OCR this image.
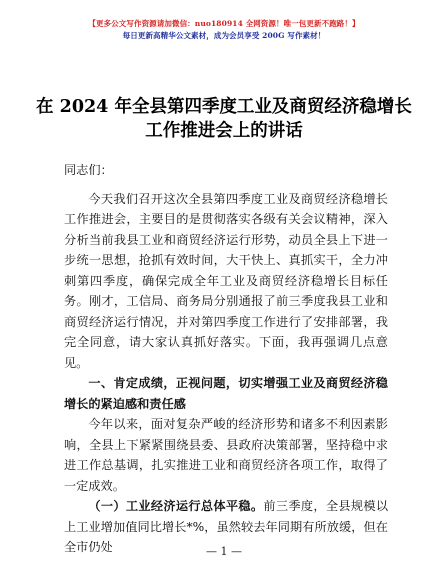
【更多公文写作资源请加微信：nuo180914 全网资源！唯一包更新不跑路！】
每日更新高精华公文素材，成为会员享受 200G 写作素材！
在 2024 年全县第四季度工业及商贸经济稳增长
工作推进会上的讲话

同志们：

今天我们召开这次全县第四季度工业及商贸经济稳增长工作推进会，主要目的是贯彻落实各级有关会议精神，深入分析当前我县工业和商贸经济运行形势，动员全县上下进一步统一思想，抢抓有效时间，大干快上、真抓实干，全力冲刺第四季度，确保完成全年工业及商贸经济稳增长目标任务。刚才，工信局、商务局分别通报了前三季度我县工业和商贸经济运行情况，并对第四季度工作进行了安排部署，我完全同意，请大家认真抓好落实。下面，我再强调几点意见。

一、肯定成绩，正视问题，切实增强工业及商贸经济稳增长的紧迫感和责任感

今年以来，面对复杂严峻的经济形势和诸多不利因素影响，全县上下紧紧围绕县委、县政府决策部署，坚持稳中求进工作总基调，扎实推进工业和商贸经济各项工作，取得了一定成效。

（一）工业经济运行总体平稳。前三季度，全县规模以上工业增加值同比增长*%，虽然较去年同期有所放缓，但在全市仍处	— 1 —
